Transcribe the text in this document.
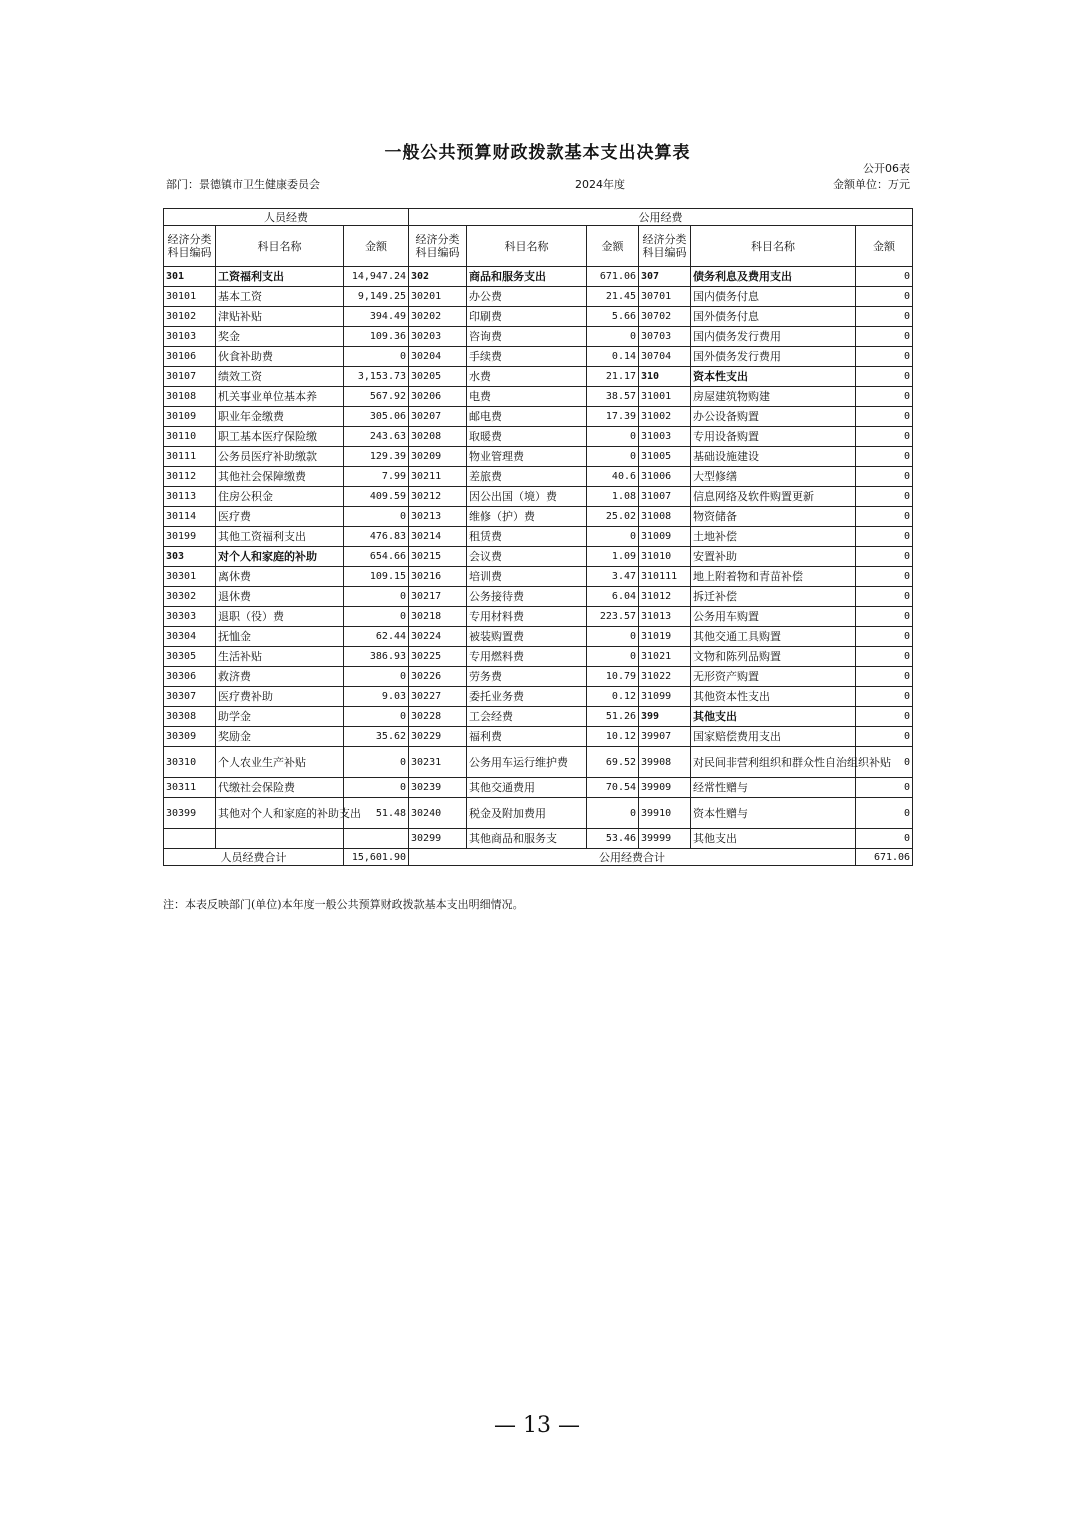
一般公共预算财政拨款基本支出决算表
公开06表
部门：景德镇市卫生健康委员会	2024年度	金额单位：万元
人员经费			公用经费					
经济分类科目编码	科目名称	金额	经济分类科目编码	科目名称	金额	经济分类科目编码	科目名称	金额
301	工资福利支出	14,947.24	302	商品和服务支出	671.06	307	债务利息及费用支出	0
30101	基本工资	9,149.25	30201	办公费	21.45	30701	国内债务付息	0
30102	津贴补贴	394.49	30202	印刷费	5.66	30702	国外债务付息	0
30103	奖金	109.36	30203	咨询费	0	30703	国内债务发行费用	0
30106	伙食补助费	0	30204	手续费	0.14	30704	国外债务发行费用	0
30107	绩效工资	3,153.73	30205	水费	21.17	310	资本性支出	0
30108	机关事业单位基本养	567.92	30206	电费	38.57	31001	房屋建筑物购建	0
30109	职业年金缴费	305.06	30207	邮电费	17.39	31002	办公设备购置	0
30110	职工基本医疗保险缴	243.63	30208	取暖费	0	31003	专用设备购置	0
30111	公务员医疗补助缴款	129.39	30209	物业管理费	0	31005	基础设施建设	0
30112	其他社会保障缴费	7.99	30211	差旅费	40.6	31006	大型修缮	0
30113	住房公积金	409.59	30212	因公出国（境）费	1.08	31007	信息网络及软件购置更新	0
30114	医疗费	0	30213	维修（护）费	25.02	31008	物资储备	0
30199	其他工资福利支出	476.83	30214	租赁费	0	31009	土地补偿	0
303	对个人和家庭的补助	654.66	30215	会议费	1.09	31010	安置补助	0
30301	离休费	109.15	30216	培训费	3.47	310111	地上附着物和青苗补偿	0
30302	退休费	0	30217	公务接待费	6.04	31012	拆迁补偿	0
30303	退职（役）费	0	30218	专用材料费	223.57	31013	公务用车购置	0
30304	抚恤金	62.44	30224	被装购置费	0	31019	其他交通工具购置	0
30305	生活补贴	386.93	30225	专用燃料费	0	31021	文物和陈列品购置	0
30306	救济费	0	30226	劳务费	10.79	31022	无形资产购置	0
30307	医疗费补助	9.03	30227	委托业务费	0.12	31099	其他资本性支出	0
30308	助学金	0	30228	工会经费	51.26	399	其他支出	0
30309	奖励金	35.62	30229	福利费	10.12	39907	国家赔偿费用支出	0
30310	个人农业生产补贴	0	30231	公务用车运行维护费	69.52	39908	对民间非营利组织和群众性自治组织补贴	0
30311	代缴社会保险费	0	30239	其他交通费用	70.54	39909	经常性赠与	0
30399	其他对个人和家庭的补助支出	51.48	30240	税金及附加费用	0	39910	资本性赠与	0
			30299	其他商品和服务支	53.46	39999	其他支出	0
人员经费合计		15,601.90	公用经费合计					671.06
注：本表反映部门(单位)本年度一般公共预算财政拨款基本支出明细情况。
— 13 —
